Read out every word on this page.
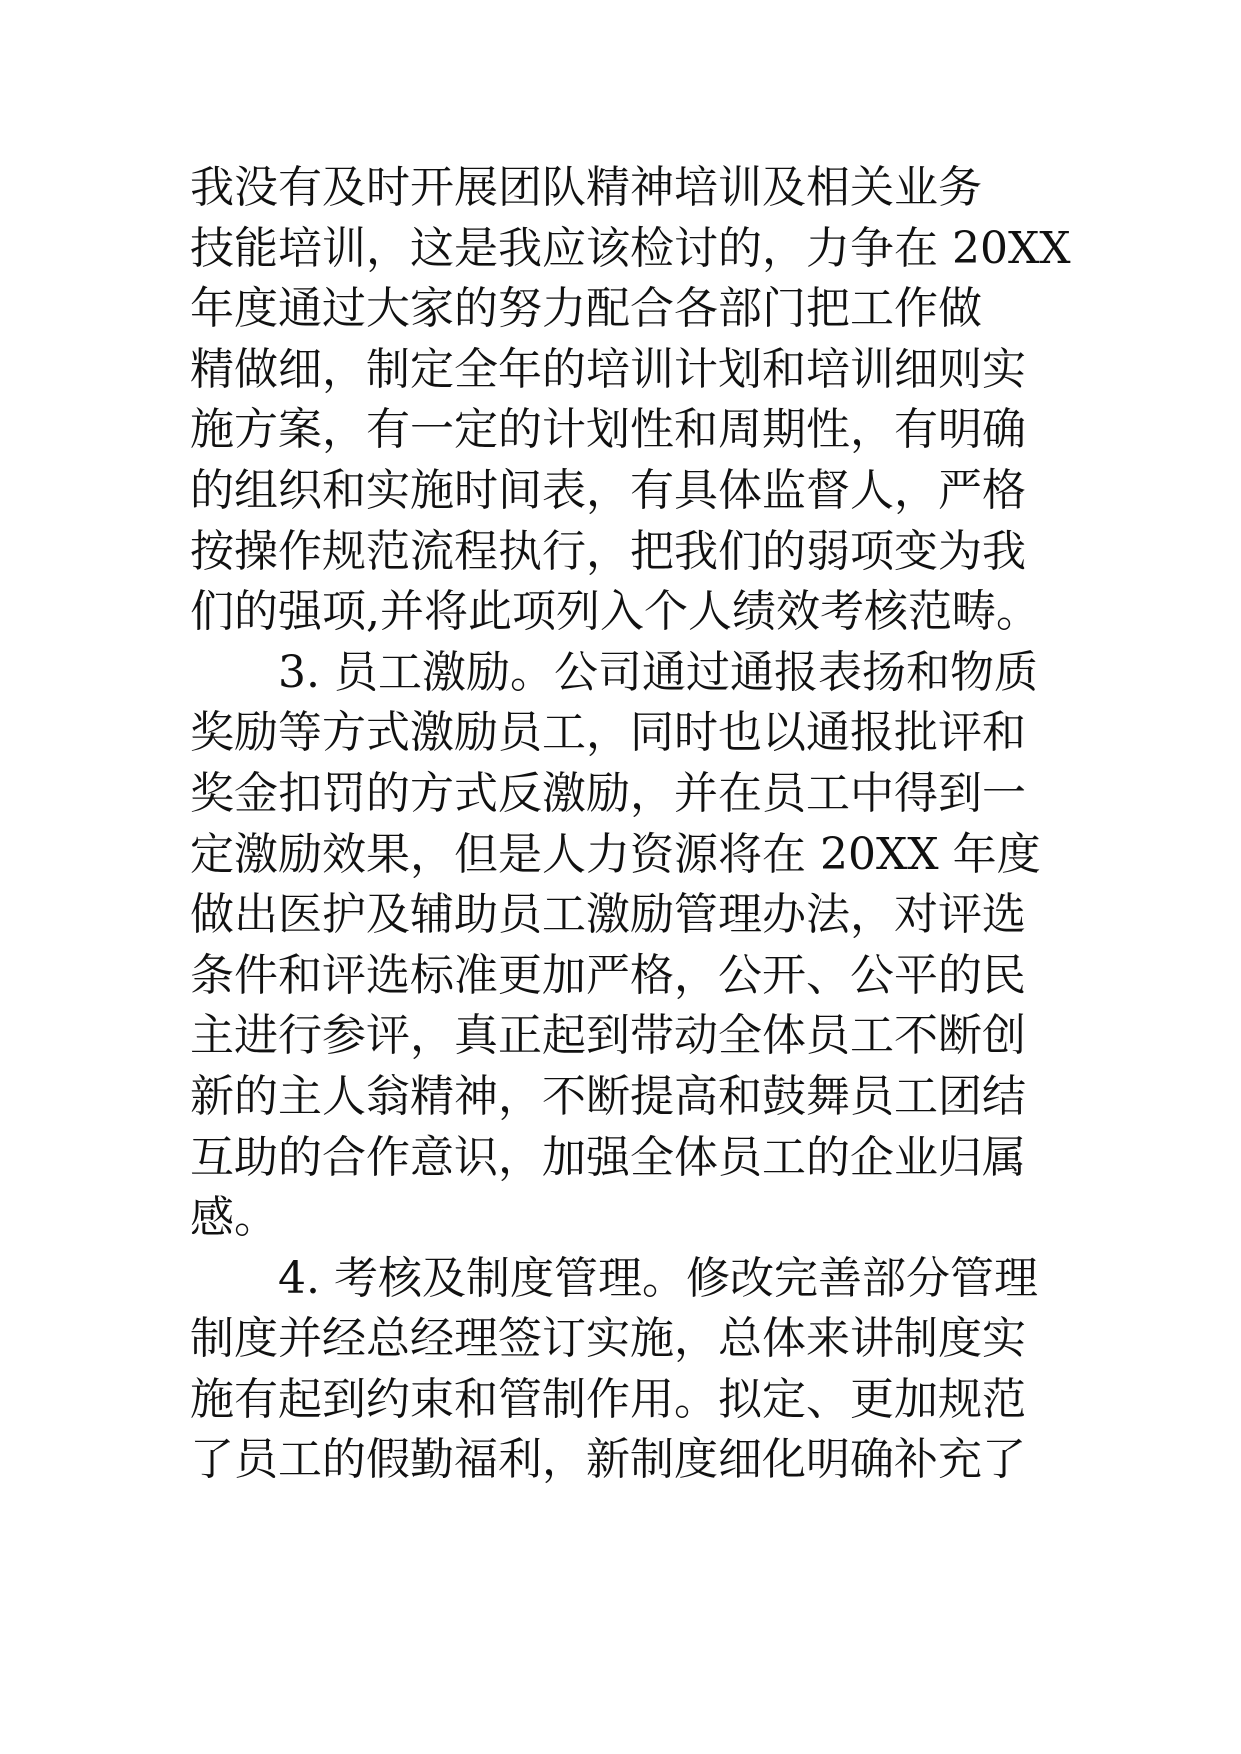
我没有及时开展团队精神培训及相关业务
技能培训，这是我应该检讨的，力争在 20XX
年度通过大家的努力配合各部门把工作做
精做细，制定全年的培训计划和培训细则实
施方案，有一定的计划性和周期性，有明确
的组织和实施时间表，有具体监督人，严格
按操作规范流程执行，把我们的弱项变为我
们的强项,并将此项列入个人绩效考核范畴。
　　3. 员工激励。公司通过通报表扬和物质
奖励等方式激励员工，同时也以通报批评和
奖金扣罚的方式反激励，并在员工中得到一
定激励效果，但是人力资源将在 20XX 年度
做出医护及辅助员工激励管理办法，对评选
条件和评选标准更加严格，公开、公平的民
主进行参评，真正起到带动全体员工不断创
新的主人翁精神，不断提高和鼓舞员工团结
互助的合作意识，加强全体员工的企业归属
感。
　　4. 考核及制度管理。修改完善部分管理
制度并经总经理签订实施，总体来讲制度实
施有起到约束和管制作用。拟定、更加规范
了员工的假勤福利，新制度细化明确补充了
